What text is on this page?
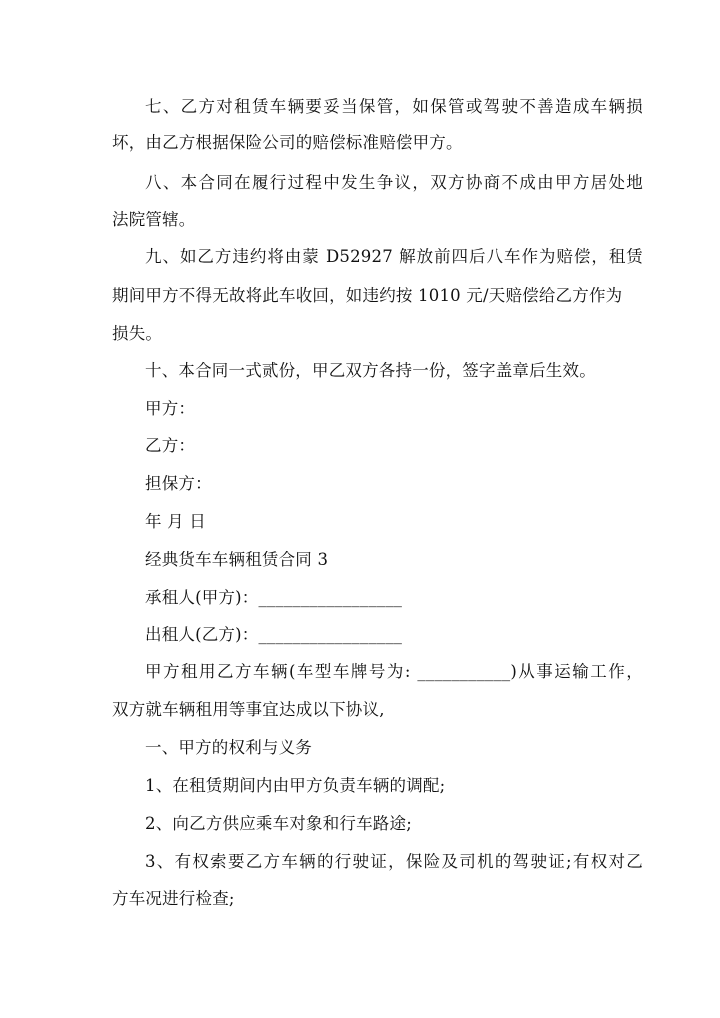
七、乙方对租赁车辆要妥当保管，如保管或驾驶不善造成车辆损
坏，由乙方根据保险公司的赔偿标准赔偿甲方。
八、本合同在履行过程中发生争议，双方协商不成由甲方居处地
法院管辖。
九、如乙方违约将由蒙 D52927 解放前四后八车作为赔偿，租赁
期间甲方不得无故将此车收回，如违约按 1010 元/天赔偿给乙方作为
损失。
十、本合同一式贰份，甲乙双方各持一份，签字盖章后生效。
甲方：
乙方：
担保方：
年 月 日
经典货车车辆租赁合同 3
承租人(甲方)：_________________
出租人(乙方)：_________________
甲方租用乙方车辆(车型车牌号为: ___________)从事运输工作，
双方就车辆租用等事宜达成以下协议,
一、甲方的权利与义务
1、在租赁期间内由甲方负责车辆的调配;
2、向乙方供应乘车对象和行车路途;
3、有权索要乙方车辆的行驶证，保险及司机的驾驶证;有权对乙
方车况进行检查;
